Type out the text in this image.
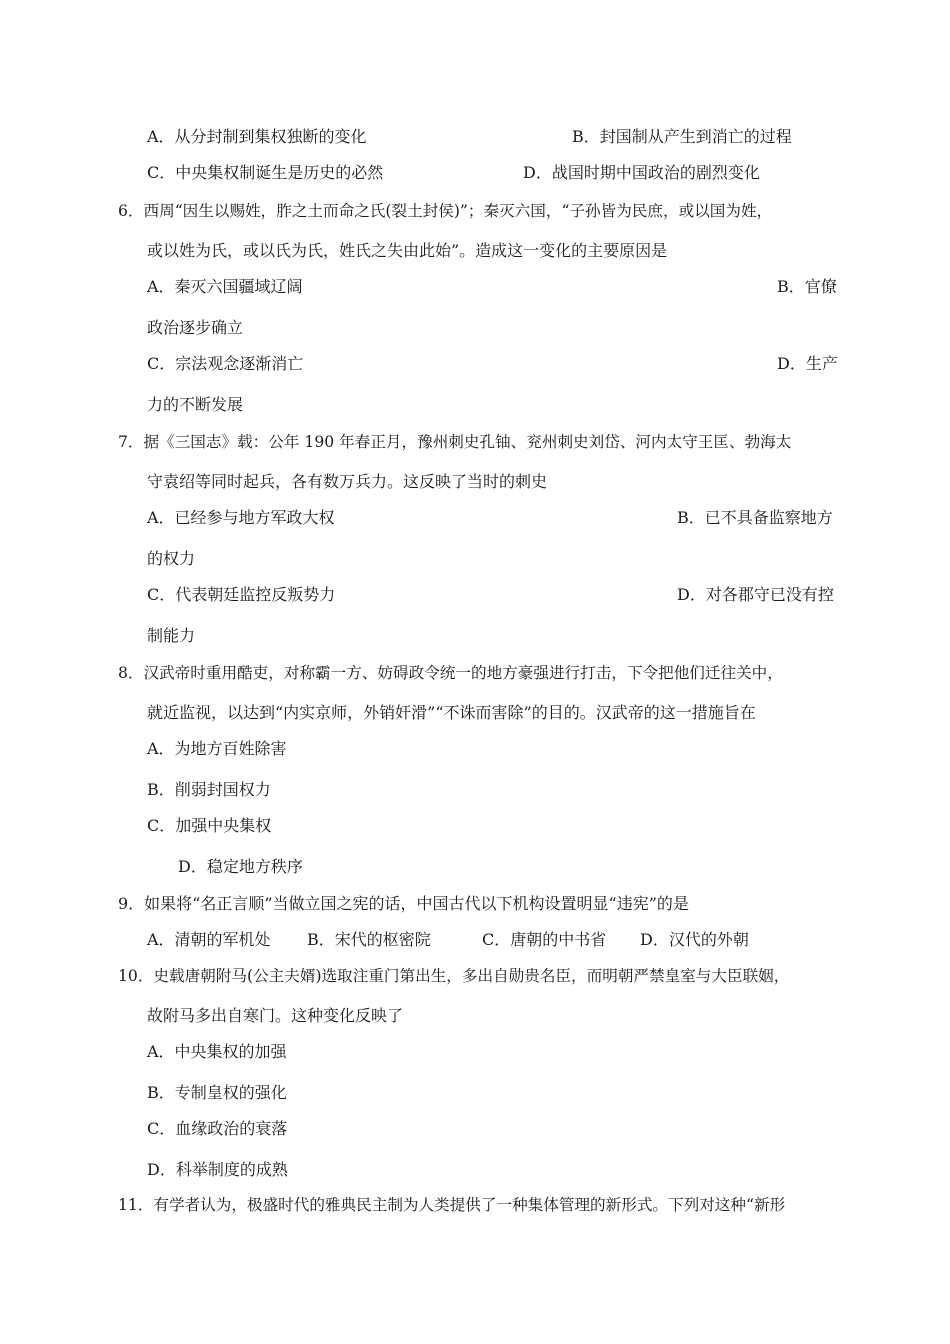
A．从分封制到集权独断的变化	B．封国制从产生到消亡的过程
C．中央集权制诞生是历史的必然	D．战国时期中国政治的剧烈变化
6．西周“因生以赐姓，胙之土而命之氏(裂土封侯)”；秦灭六国，“子孙皆为民庶，或以国为姓，
或以姓为氏，或以氏为氏，姓氏之失由此始”。造成这一变化的主要原因是
A．秦灭六国疆域辽阔	B．官僚
政治逐步确立
C．宗法观念逐渐消亡	D．生产
力的不断发展
7．据《三国志》载：公年 190 年春正月，豫州刺史孔铀、兖州刺史刘岱、河内太守王匡、勃海太
守袁绍等同时起兵，各有数万兵力。这反映了当时的刺史
A．已经参与地方军政大权	B．已不具备监察地方
的权力
C．代表朝廷监控反叛势力	D．对各郡守已没有控
制能力
8．汉武帝时重用酷吏，对称霸一方、妨碍政令统一的地方豪强进行打击，下令把他们迁往关中，
就近监视，以达到“内实京师，外销奸滑”“不诛而害除”的目的。汉武帝的这一措施旨在
A．为地方百姓除害
B．削弱封国权力
C．加强中央集权
D．稳定地方秩序
9．如果将“名正言顺”当做立国之宪的话，中国古代以下机构设置明显“违宪”的是
A．清朝的军机处 B．宋代的枢密院	C．唐朝的中书省 D．汉代的外朝
10．史载唐朝附马(公主夫婿)选取注重门第出生，多出自勋贵名臣，而明朝严禁皇室与大臣联姻，
故附马多出自寒门。这种变化反映了
A．中央集权的加强
B．专制皇权的强化
C．血缘政治的衰落
D．科举制度的成熟
11．有学者认为，极盛时代的雅典民主制为人类提供了一种集体管理的新形式。下列对这种“新形
